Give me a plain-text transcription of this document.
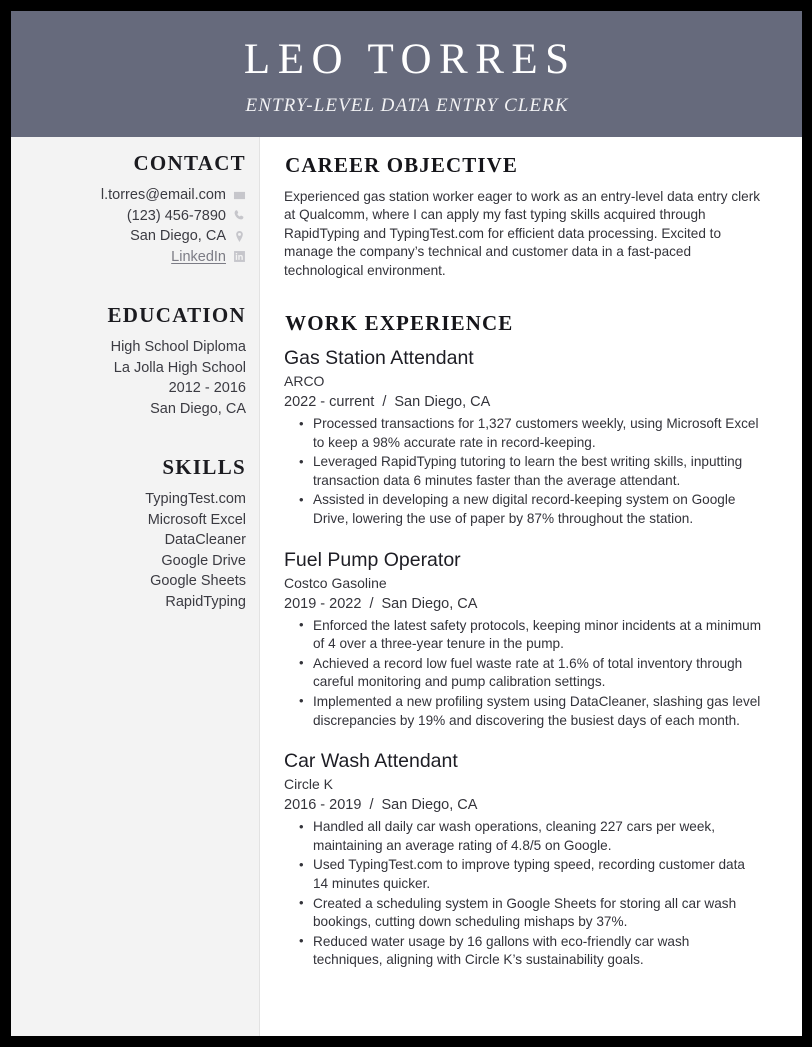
LEO TORRES
ENTRY-LEVEL DATA ENTRY CLERK
CONTACT
l.torres@email.com
(123) 456-7890
San Diego, CA
LinkedIn
EDUCATION
High School Diploma
La Jolla High School
2012 - 2016
San Diego, CA
SKILLS
TypingTest.com
Microsoft Excel
DataCleaner
Google Drive
Google Sheets
RapidTyping
CAREER OBJECTIVE

Experienced gas station worker eager to work as an entry-level data entry clerk at Qualcomm, where I can apply my fast typing skills acquired through RapidTyping and TypingTest.com for efficient data processing. Excited to manage the company’s technical and customer data in a fast-paced technological environment.

WORK EXPERIENCE
Gas Station Attendant
ARCO
2022 - current / San Diego, CA
• Processed transactions for 1,327 customers weekly, using Microsoft Excel to keep a 98% accurate rate in record-keeping.
• Leveraged RapidTyping tutoring to learn the best writing skills, inputting transaction data 6 minutes faster than the average attendant.
• Assisted in developing a new digital record-keeping system on Google Drive, lowering the use of paper by 87% throughout the station.
Fuel Pump Operator
Costco Gasoline
2019 - 2022 / San Diego, CA
• Enforced the latest safety protocols, keeping minor incidents at a minimum of 4 over a three-year tenure in the pump.
• Achieved a record low fuel waste rate at 1.6% of total inventory through careful monitoring and pump calibration settings.
• Implemented a new profiling system using DataCleaner, slashing gas level discrepancies by 19% and discovering the busiest days of each month.
Car Wash Attendant
Circle K
2016 - 2019 / San Diego, CA
• Handled all daily car wash operations, cleaning 227 cars per week, maintaining an average rating of 4.8/5 on Google.
• Used TypingTest.com to improve typing speed, recording customer data 14 minutes quicker.
• Created a scheduling system in Google Sheets for storing all car wash bookings, cutting down scheduling mishaps by 37%.
• Reduced water usage by 16 gallons with eco-friendly car wash techniques, aligning with Circle K’s sustainability goals.
